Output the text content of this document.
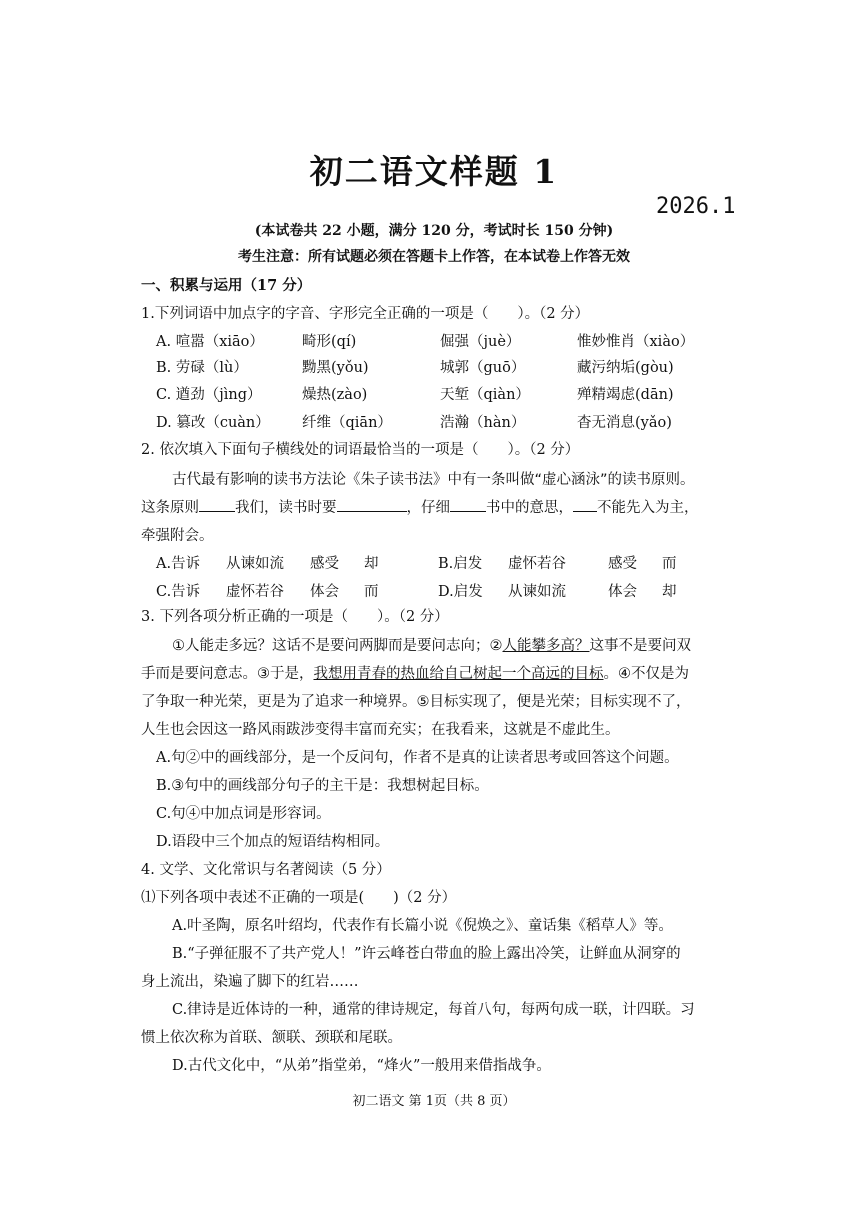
初二语文样题 1
2026.1
(本试卷共 22 小题，满分 120 分，考试时长 150 分钟)
考生注意：所有试题必须在答题卡上作答，在本试卷上作答无效
一、积累与运用（17 分）
1.下列词语中加点字的字音、字形完全正确的一项是（　　）。（2 分）
A. 喧嚣（xiāo）	畸形(qí)	倔强（juè）	惟妙惟肖（xiào）
B. 劳碌（lù）	黝黑(yǒu)	城郭（guō）	藏污纳垢(gòu)
C. 遒劲（jìng）	燥热(zào)	天堑（qiàn）	殚精竭虑(dān)
D. 篡改（cuàn） 纤维（qiān）	浩瀚（hàn）	杳无消息(yǎo)
2. 依次填入下面句子横线处的词语最恰当的一项是（　　）。（2 分）
古代最有影响的读书方法论《朱子读书法》中有一条叫做“虚心涵泳”的读书原则。
这条原则 我们，读书时要	，仔细 书中的意思， 不能先入为主，
牵强附会。
A.告诉 从谏如流 感受 却	B.启发 虚怀若谷	感受 而
C.告诉 虚怀若谷 体会 而	D.启发 从谏如流	体会 却
3. 下列各项分析正确的一项是（　　）。（2 分）
①人能走多远？这话不是要问两脚而是要问志向；②人能攀多高？这事不是要问双
手而是要问意志。③于是，我想用青春的热血给自己树起一个高远的目标。④不仅是为
了争取一种光荣，更是为了追求一种境界。⑤目标实现了，便是光荣；目标实现不了，
人生也会因这一路风雨跋涉变得丰富而充实；在我看来，这就是不虚此生。
A.句②中的画线部分，是一个反问句，作者不是真的让读者思考或回答这个问题。
B.③句中的画线部分句子的主干是：我想树起目标。
C.句④中加点词是形容词。
D.语段中三个加点的短语结构相同。
4. 文学、文化常识与名著阅读（5 分）
⑴下列各项中表述不正确的一项是(　　)（2 分）
A.叶圣陶，原名叶绍均，代表作有长篇小说《倪焕之》、童话集《稻草人》等。
B.“子弹征服不了共产党人！”许云峰苍白带血的脸上露出冷笑，让鲜血从洞穿的
身上流出，染遍了脚下的红岩……
C.律诗是近体诗的一种，通常的律诗规定，每首八句，每两句成一联，计四联。习
惯上依次称为首联、颔联、颈联和尾联。
D.古代文化中，“从弟”指堂弟，“烽火”一般用来借指战争。
初二语文 第 1页（共 8 页）
